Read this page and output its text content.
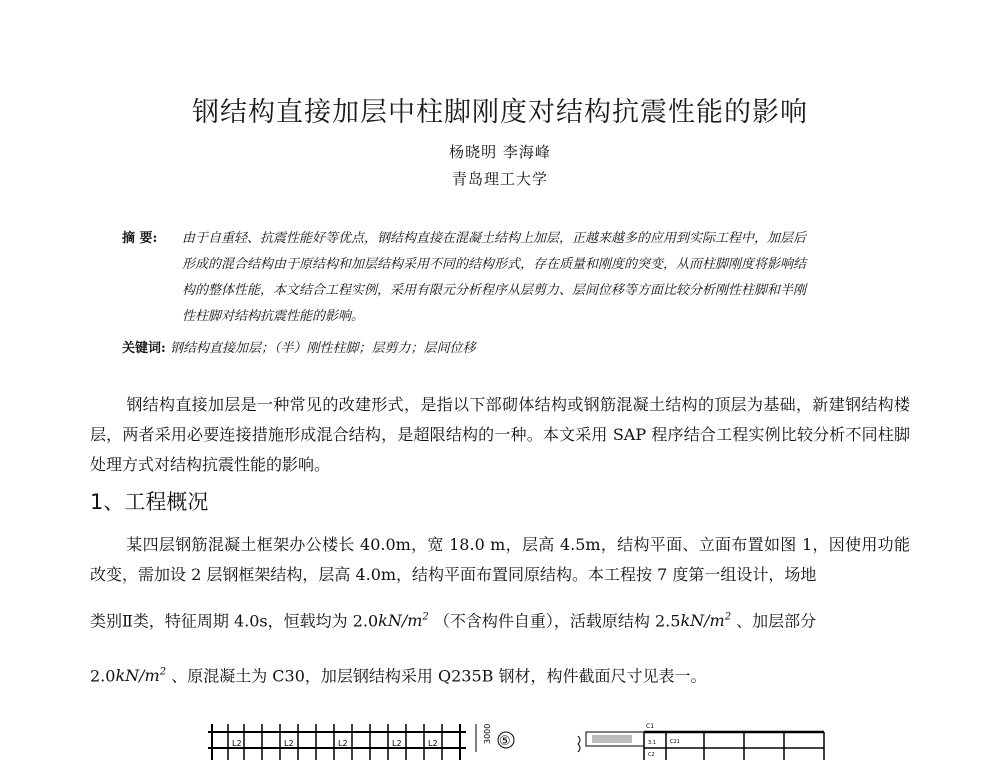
钢结构直接加层中柱脚刚度对结构抗震性能的影响
杨晓明 李海峰
青岛理工大学
摘 要: 由于自重轻、抗震性能好等优点，钢结构直接在混凝土结构上加层，正越来越多的应用到实际工程中，加层后
形成的混合结构由于原结构和加层结构采用不同的结构形式，存在质量和刚度的突变，从而柱脚刚度将影响结
构的整体性能，本文结合工程实例，采用有限元分析程序从层剪力、层间位移等方面比较分析刚性柱脚和半刚
性柱脚对结构抗震性能的影响。
关键词: 钢结构直接加层；（半）刚性柱脚；层剪力；层间位移
钢结构直接加层是一种常见的改建形式，是指以下部砌体结构或钢筋混凝土结构的顶层为基础，新建钢结构楼层，两者采用必要连接措施形成混合结构，是超限结构的一种。本文采用 SAP 程序结合工程实例比较分析不同柱脚处理方式对结构抗震性能的影响。
1、工程概况
某四层钢筋混凝土框架办公楼长 40.0m，宽 18.0 m，层高 4.5m，结构平面、立面布置如图 1，因使用功能改变，需加设 2 层钢框架结构，层高 4.0m，结构平面布置同原结构。本工程按 7 度第一组设计，场地
类别Ⅱ类，特征周期 4.0s，恒载均为 $2.0kN/m^2$ （不含构件自重），活载原结构 $2.5kN/m^2$ 、加层部分
$2.0kN/m^2$ 、原混凝土为 C30，加层钢结构采用 Q235B 钢材，构件截面尺寸见表一。
L2	L2	L2	L2	L2	3000 ⑤
C1
3.1	C21
C2
